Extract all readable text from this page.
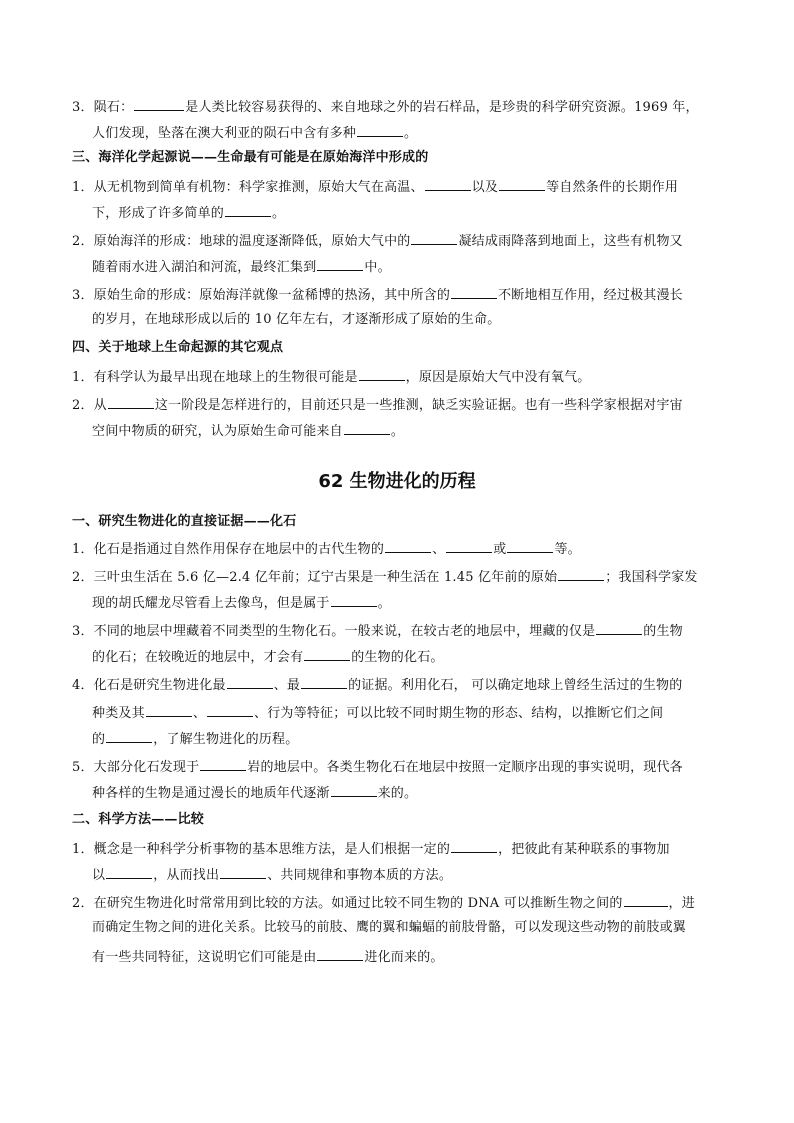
62 生物进化的历程
3．陨石：	是人类比较容易获得的、来自地球之外的岩石样品，是珍贵的科学研究资源。1969 年，
人们发现，坠落在澳大利亚的陨石中含有多种	。
三、海洋化学起源说——生命最有可能是在原始海洋中形成的
1．从无机物到简单有机物：科学家推测，原始大气在高温、	以及	等自然条件的长期作用
下，形成了许多简单的	。
2．原始海洋的形成：地球的温度逐渐降低，原始大气中的	凝结成雨降落到地面上，这些有机物又
随着雨水进入湖泊和河流，最终汇集到	中。
3．原始生命的形成：原始海洋就像一盆稀博的热汤，其中所含的	不断地相互作用，经过极其漫长
的岁月，在地球形成以后的 10 亿年左右，才逐渐形成了原始的生命。
四、关于地球上生命起源的其它观点
1．有科学认为最早出现在地球上的生物很可能是	，原因是原始大气中没有氧气。
2．从	这一阶段是怎样进行的，目前还只是一些推测，缺乏实验证据。也有一些科学家根据对宇宙
空间中物质的研究，认为原始生命可能来自	。
一、研究生物进化的直接证据——化石
1．化石是指通过自然作用保存在地层中的古代生物的	、	或	等。
2．三叶虫生活在 5.6 亿—2.4 亿年前；辽宁古果是一种生活在 1.45 亿年前的原始	；我国科学家发
现的胡氏耀龙尽管看上去像鸟，但是属于	。
3．不同的地层中埋藏着不同类型的生物化石。一般来说，在较古老的地层中，埋藏的仅是	的生物
的化石；在较晚近的地层中，才会有	的生物的化石。
4．化石是研究生物进化最	、最	的证据。利用化石， 可以确定地球上曾经生活过的生物的
种类及其	、	、行为等特征；可以比较不同时期生物的形态、结构，以推断它们之间
的	，了解生物进化的历程。
5．大部分化石发现于	岩的地层中。各类生物化石在地层中按照一定顺序出现的事实说明，现代各
种各样的生物是通过漫长的地质年代逐渐	来的。
二、科学方法——比较
1．概念是一种科学分析事物的基本思维方法，是人们根据一定的	，把彼此有某种联系的事物加
以	，从而找出	、共同规律和事物本质的方法。
2．在研究生物进化时常常用到比较的方法。如通过比较不同生物的 DNA 可以推断生物之间的	，进
而确定生物之间的进化关系。比较马的前肢、鹰的翼和蝙蝠的前肢骨骼，可以发现这些动物的前肢或翼
有一些共同特征，这说明它们可能是由	进化而来的。
